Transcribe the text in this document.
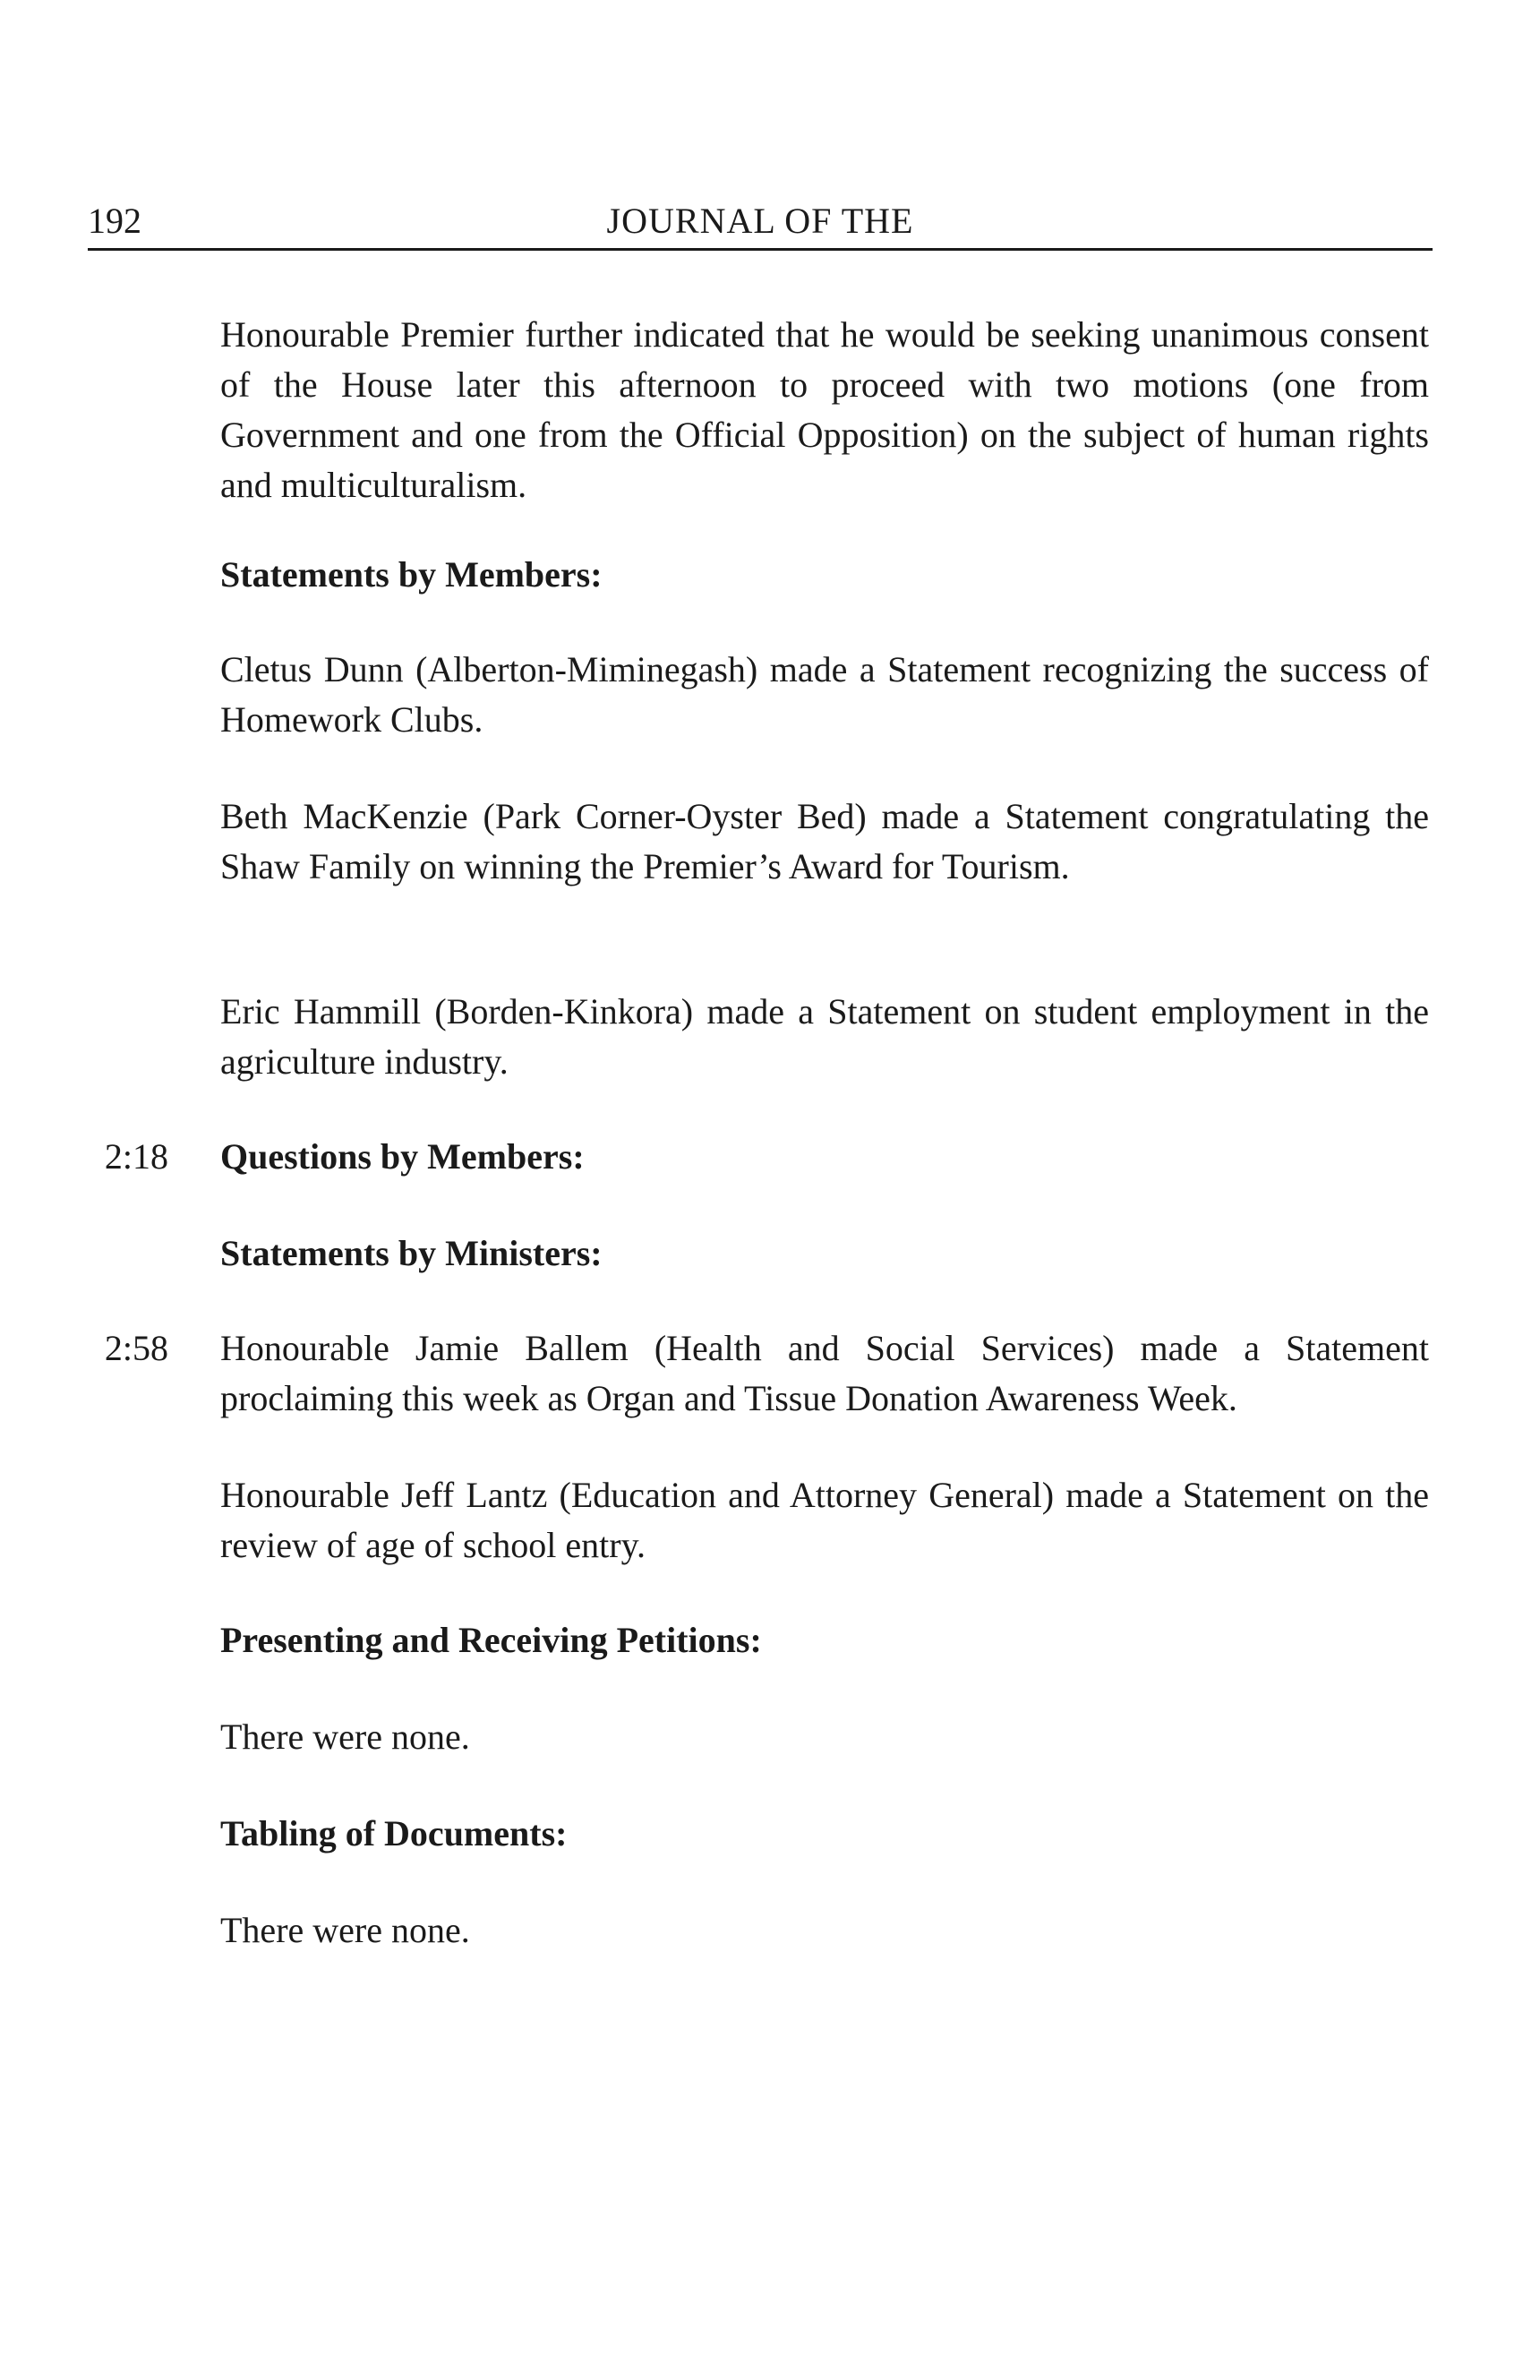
192	JOURNAL OF THE

Honourable Premier further indicated that he would be seeking unanimous consent of the House later this afternoon to proceed with two motions (one from Government and one from the Official Opposition) on the subject of human rights and multiculturalism.

Statements by Members:

Cletus Dunn (Alberton-Miminegash) made a Statement recognizing the success of Homework Clubs.

Beth MacKenzie (Park Corner-Oyster Bed) made a Statement congratulating the Shaw Family on winning the Premier’s Award for Tourism.

Eric Hammill (Borden-Kinkora) made a Statement on student employment in the agriculture industry.

2:18 Questions by Members:

Statements by Ministers:

2:58 Honourable Jamie Ballem (Health and Social Services) made a Statement proclaiming this week as Organ and Tissue Donation Awareness Week.

Honourable Jeff Lantz (Education and Attorney General) made a Statement on the review of age of school entry.

Presenting and Receiving Petitions:

There were none.

Tabling of Documents:

There were none.
